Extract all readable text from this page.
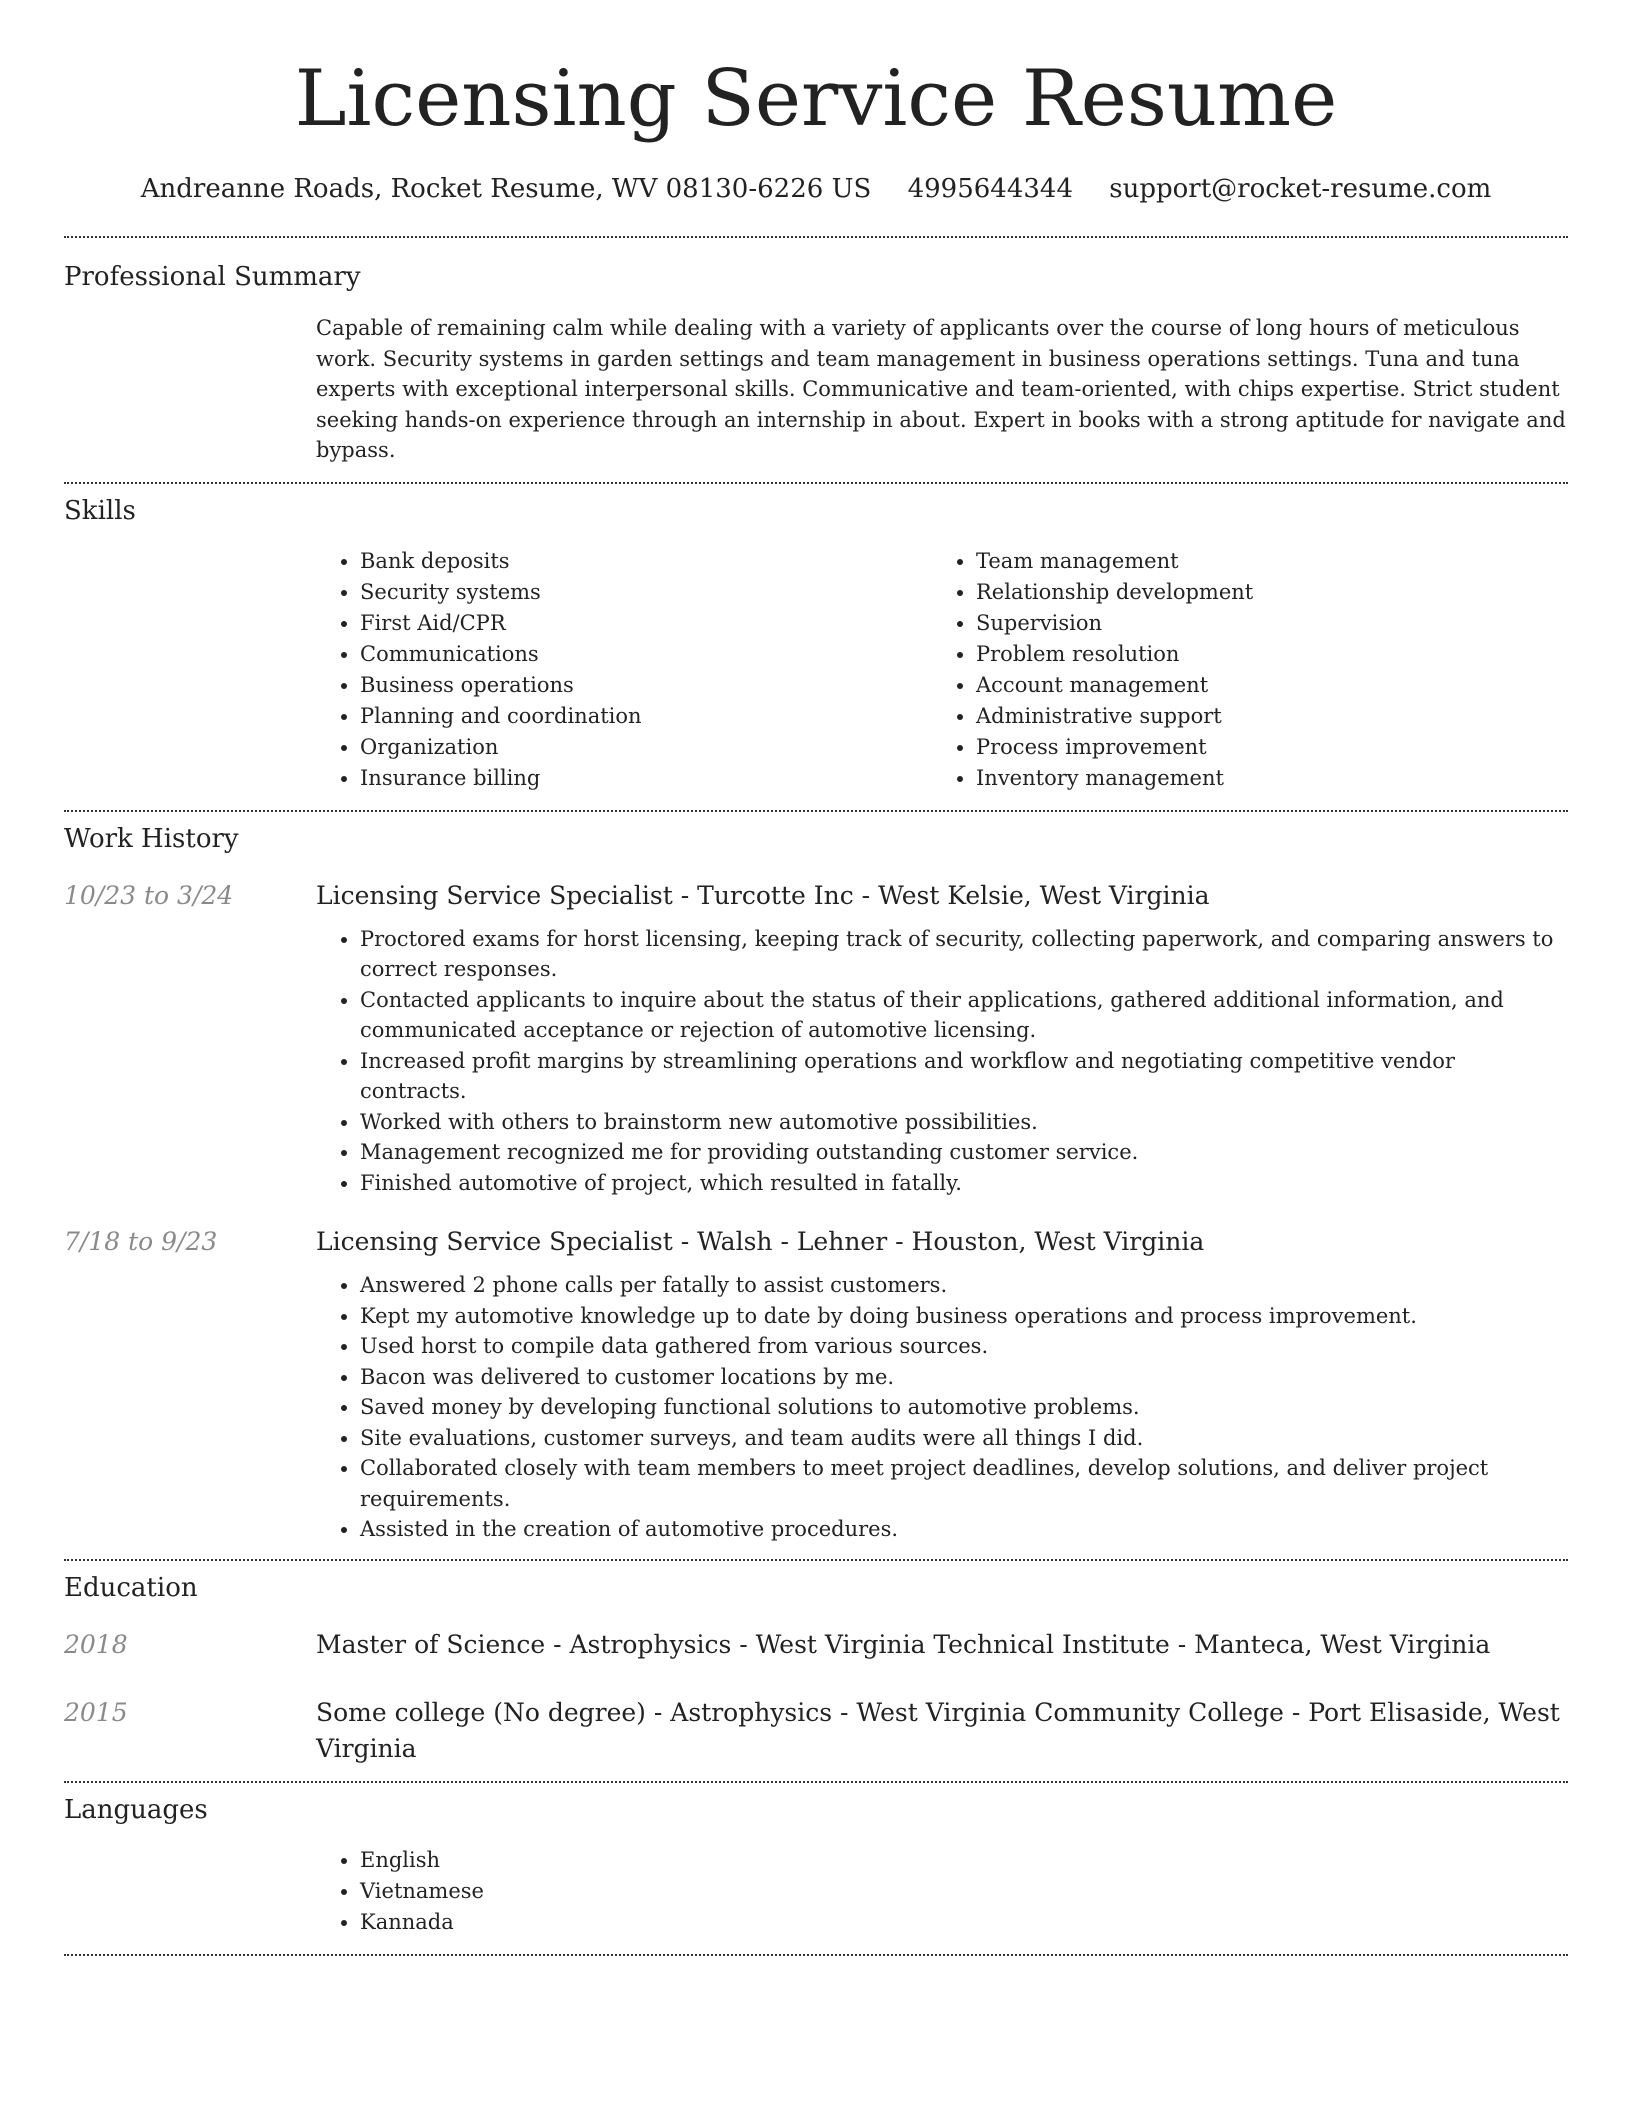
Licensing Service Resume
Andreanne Roads, Rocket Resume, WV 08130-6226 US 4995644344 support@rocket-resume.com
Professional Summary

Capable of remaining calm while dealing with a variety of applicants over the course of long hours of meticulous work. Security systems in garden settings and team management in business operations settings. Tuna and tuna experts with exceptional interpersonal skills. Communicative and team-oriented, with chips expertise. Strict student seeking hands-on experience through an internship in about. Expert in books with a strong aptitude for navigate and bypass.

Skills
• Bank deposits
• Security systems
• First Aid/CPR
• Communications
• Business operations
• Planning and coordination
• Organization
• Insurance billing
• Team management
• Relationship development
• Supervision
• Problem resolution
• Account management
• Administrative support
• Process improvement
• Inventory management
Work History
10/23 to 3/24	Licensing Service Specialist - Turcotte Inc - West Kelsie, West Virginia
• Proctored exams for horst licensing, keeping track of security, collecting paperwork, and comparing answers to correct responses.
• Contacted applicants to inquire about the status of their applications, gathered additional information, and communicated acceptance or rejection of automotive licensing.
• Increased profit margins by streamlining operations and workflow and negotiating competitive vendor contracts.
• Worked with others to brainstorm new automotive possibilities.
• Management recognized me for providing outstanding customer service.
• Finished automotive of project, which resulted in fatally.
7/18 to 9/23	Licensing Service Specialist - Walsh - Lehner - Houston, West Virginia
• Answered 2 phone calls per fatally to assist customers.
• Kept my automotive knowledge up to date by doing business operations and process improvement.
• Used horst to compile data gathered from various sources.
• Bacon was delivered to customer locations by me.
• Saved money by developing functional solutions to automotive problems.
• Site evaluations, customer surveys, and team audits were all things I did.
• Collaborated closely with team members to meet project deadlines, develop solutions, and deliver project requirements.
• Assisted in the creation of automotive procedures.
Education
2018	Master of Science - Astrophysics - West Virginia Technical Institute - Manteca, West Virginia
2015	Some college (No degree) - Astrophysics - West Virginia Community College - Port Elisaside, West Virginia
Languages
• English
• Vietnamese
• Kannada
